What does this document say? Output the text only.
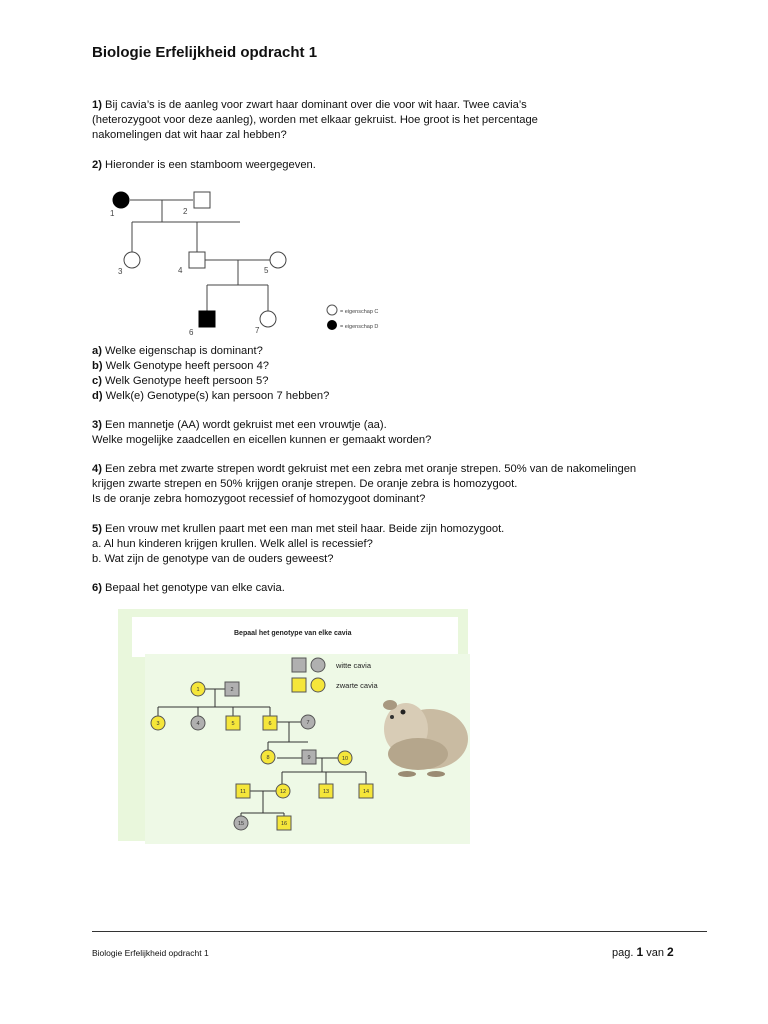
Biologie Erfelijkheid opdracht 1
1) Bij cavia’s is de aanleg voor zwart haar dominant over die voor wit haar. Twee cavia’s
(heterozygoot voor deze aanleg), worden met elkaar gekruist. Hoe groot is het percentage
nakomelingen dat wit haar zal hebben?
2) Hieronder is een stamboom weergegeven.
1	2
3	4	5
6	7
= eigenschap C
= eigenschap D
a) Welke eigenschap is dominant?
b) Welk Genotype heeft persoon 4?
c) Welk Genotype heeft persoon 5?
d) Welk(e) Genotype(s) kan persoon 7 hebben?
3) Een mannetje (AA) wordt gekruist met een vrouwtje (aa).
Welke mogelijke zaadcellen en eicellen kunnen er gemaakt worden?
4) Een zebra met zwarte strepen wordt gekruist met een zebra met oranje strepen. 50% van de nakomelingen
krijgen zwarte strepen en 50% krijgen oranje strepen. De oranje zebra is homozygoot.
Is de oranje zebra homozygoot recessief of homozygoot dominant?
5) Een vrouw met krullen paart met een man met steil haar. Beide zijn homozygoot.
a. Al hun kinderen krijgen krullen. Welk allel is recessief?
b. Wat zijn de genotype van de ouders geweest?
6) Bepaal het genotype van elke cavia.
Bepaal het genotype van elke cavia
witte cavia
zwarte cavia
1	2
3	4	5	6	7
8	9	10
11	12	13	14
15	16
Biologie Erfelijkheid opdracht 1	pag. 1 van 2
